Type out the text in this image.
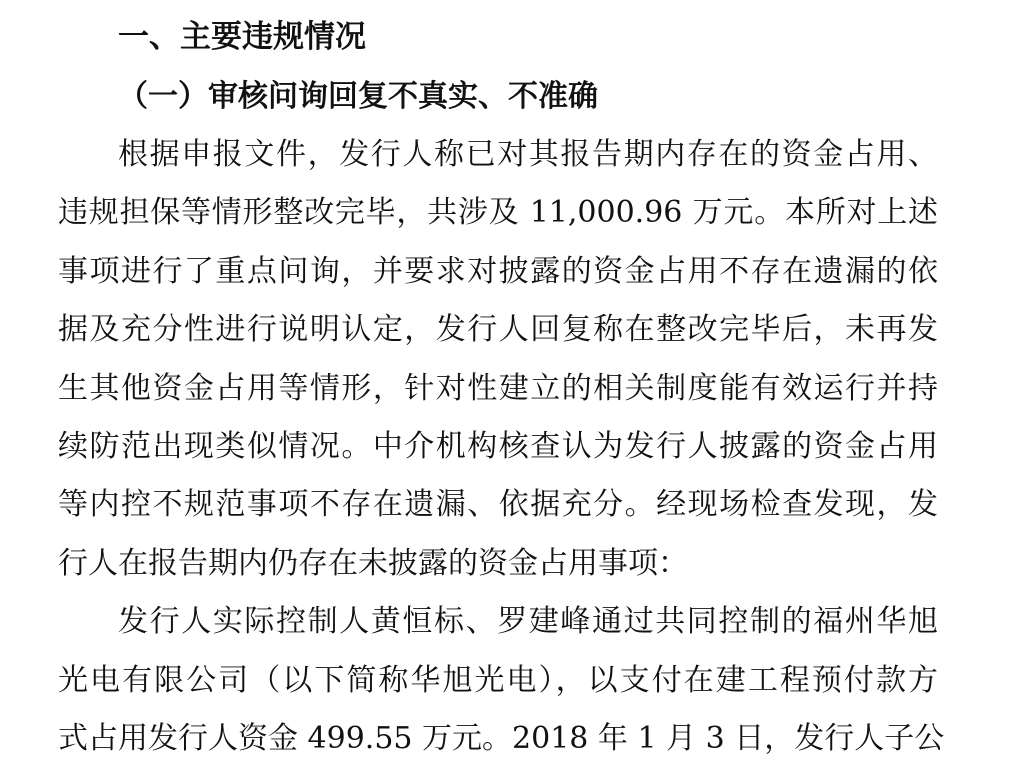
一、主要违规情况
（一）审核问询回复不真实、不准确
根据申报文件，发行人称已对其报告期内存在的资金占用、
违规担保等情形整改完毕，共涉及 11,000.96 万元。本所对上述
事项进行了重点问询，并要求对披露的资金占用不存在遗漏的依
据及充分性进行说明认定，发行人回复称在整改完毕后，未再发
生其他资金占用等情形，针对性建立的相关制度能有效运行并持
续防范出现类似情况。中介机构核查认为发行人披露的资金占用
等内控不规范事项不存在遗漏、依据充分。经现场检查发现，发
行人在报告期内仍存在未披露的资金占用事项：
发行人实际控制人黄恒标、罗建峰通过共同控制的福州华旭
光电有限公司（以下简称华旭光电），以支付在建工程预付款方
式占用发行人资金 499.55 万元。2018 年 1 月 3 日，发行人子公
